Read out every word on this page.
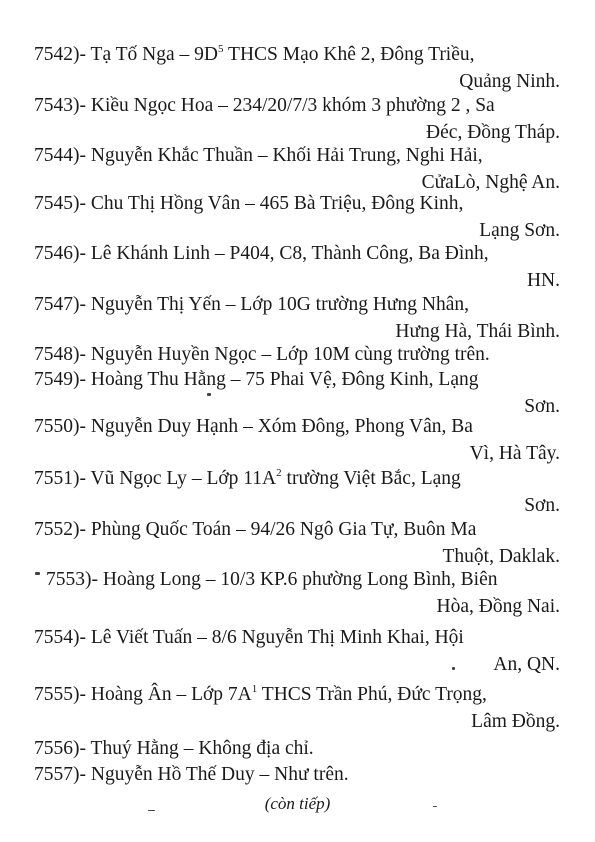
7542)- Tạ Tố Nga – $9D^5$ THCS Mạo Khê 2, Đông Triều,
Quảng Ninh.
7543)- Kiều Ngọc Hoa – 234/20/7/3 khóm 3 phường 2 , Sa
Đéc, Đồng Tháp.
7544)- Nguyễn Khắc Thuần – Khối Hải Trung, Nghi Hải,
CửaLò, Nghệ An.
7545)- Chu Thị Hồng Vân – 465 Bà Triệu, Đông Kinh,
Lạng Sơn.
7546)- Lê Khánh Linh – P404, C8, Thành Công, Ba Đình,
HN.
7547)- Nguyễn Thị Yến – Lớp 10G trường Hưng Nhân,
Hưng Hà, Thái Bình.
7548)- Nguyễn Huyền Ngọc – Lớp 10M cùng trường trên.
7549)- Hoàng Thu Hằng – 75 Phai Vệ, Đông Kinh, Lạng
Sơn.
7550)- Nguyễn Duy Hạnh – Xóm Đông, Phong Vân, Ba
Vì, Hà Tây.
7551)- Vũ Ngọc Ly – Lớp $11A^2$ trường Việt Bắc, Lạng
Sơn.
7552)- Phùng Quốc Toán – 94/26 Ngô Gia Tự, Buôn Ma
Thuột, Daklak.
7553)- Hoàng Long – 10/3 KP.6 phường Long Bình, Biên
Hòa, Đồng Nai.
7554)- Lê Viết Tuấn – 8/6 Nguyễn Thị Minh Khai, Hội
An, QN.
7555)- Hoàng Ân – Lớp $7A^1$ THCS Trần Phú, Đức Trọng,
Lâm Đồng.
7556)- Thuý Hằng – Không địa chỉ.
7557)- Nguyễn Hồ Thế Duy – Như trên.
(còn tiếp)
